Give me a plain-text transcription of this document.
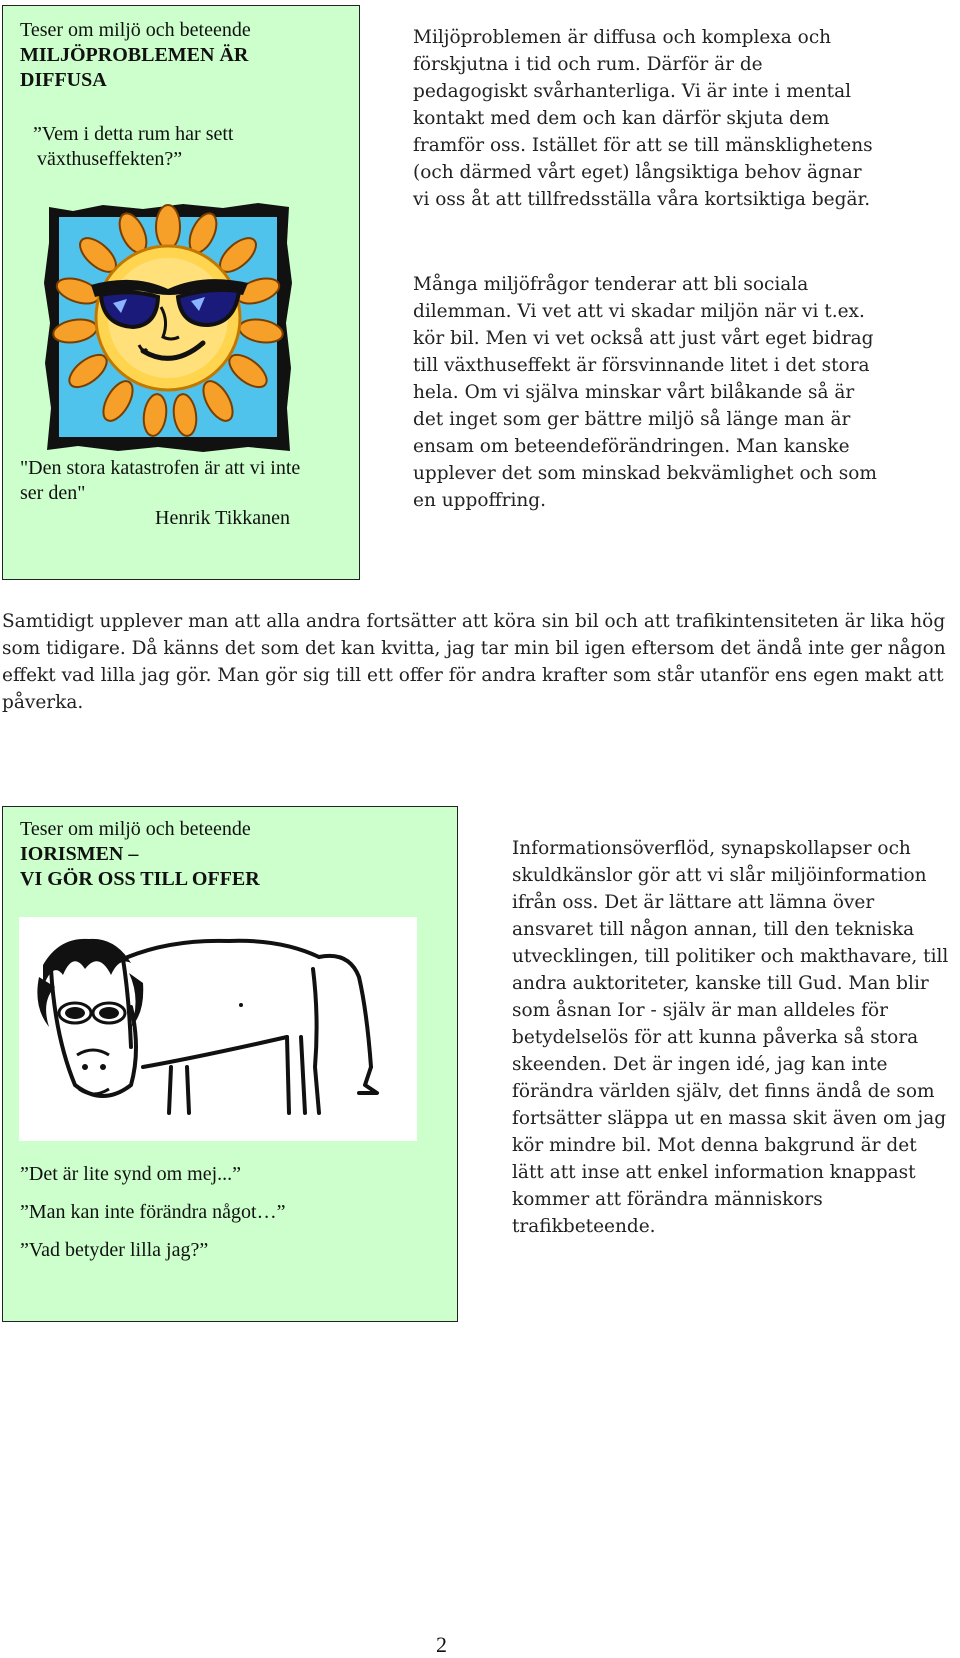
Teser om miljö och beteende
MILJÖPROBLEMEN ÄR
DIFFUSA
”Vem i detta rum har sett
växthuseffekten?”
"Den stora katastrofen är att vi inte
ser den"
Henrik Tikkanen

Miljöproblemen är diffusa och komplexa och förskjutna i tid och rum. Därför är de pedagogiskt svårhanterliga. Vi är inte i mental kontakt med dem och kan därför skjuta dem framför oss. Istället för att se till mänsklighetens (och därmed vårt eget) långsiktiga behov ägnar vi oss åt att tillfredsställa våra kortsiktiga begär.

Många miljöfrågor tenderar att bli sociala dilemman. Vi vet att vi skadar miljön när vi t.ex. kör bil. Men vi vet också att just vårt eget bidrag till växthuseffekt är försvinnande litet i det stora hela. Om vi själva minskar vårt bilåkande så är det inget som ger bättre miljö så länge man är ensam om beteendeförändringen. Man kanske upplever det som minskad bekvämlighet och som en uppoffring.

Samtidigt upplever man att alla andra fortsätter att köra sin bil och att trafikintensiteten är lika hög som tidigare. Då känns det som det kan kvitta, jag tar min bil igen eftersom det ändå inte ger någon effekt vad lilla jag gör. Man gör sig till ett offer för andra krafter som står utanför ens egen makt att påverka.

Teser om miljö och beteende
IORISMEN –
VI GÖR OSS TILL OFFER
”Det är lite synd om mej...”
”Man kan inte förändra något…”
”Vad betyder lilla jag?”

Informationsöverflöd, synapskollapser och skuldkänslor gör att vi slår miljöinformation ifrån oss. Det är lättare att lämna över ansvaret till någon annan, till den tekniska utvecklingen, till politiker och makthavare, till andra auktoriteter, kanske till Gud. Man blir som åsnan Ior - själv är man alldeles för betydelselös för att kunna påverka så stora skeenden. Det är ingen idé, jag kan inte förändra världen själv, det finns ändå de som fortsätter släppa ut en massa skit även om jag kör mindre bil. Mot denna bakgrund är det lätt att inse att enkel information knappast kommer att förändra människors trafikbeteende.

2
